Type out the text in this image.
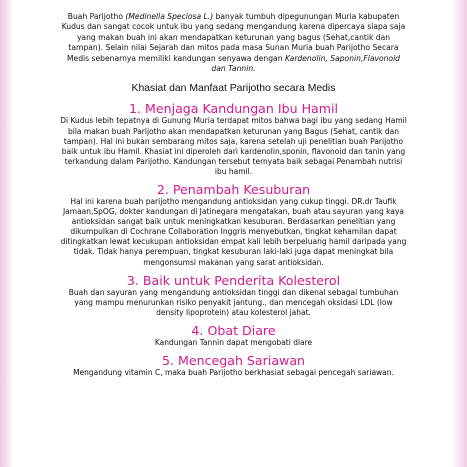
Buah Parijotho (Medinella Speciosa L.) banyak tumbuh dipegunungan Muria kabupaten Kudus dan sangat cocok untuk ibu yang sedang mengandung karena dipercaya siapa saja yang makan buah ini akan mendapatkan keturunan yang bagus (Sehat,cantik dan tampan). Selain nilai Sejarah dan mitos pada masa Sunan Muria buah Parijotho Secara Medis sebenarnya memiliki kandungan senyawa dengan Kardenolin, Saponin,Flavonoid dan Tannin.

Khasiat dan Manfaat Parijotho secara Medis
1. Menjaga Kandungan Ibu Hamil

Di Kudus lebih tepatnya di Gunung Muria terdapat mitos bahwa bagi ibu yang sedang Hamil bila makan buah Parijotho akan mendapatkan keturunan yang Bagus (Sehat, cantik dan tampan). Hal ini bukan sembarang mitos saja, karena setelah uji penelitian buah Parijotho baik untuk ibu Hamil. Khasiat ini diperoleh dari kardenolin,sponin, flavonoid dan tanin yang terkandung dalam Parijotho. Kandungan tersebut ternyata baik sebagai Penambah nutrisi ibu hamil.

2. Penambah Kesuburan

Hal ini karena buah parijotho mengandung antioksidan yang cukup tinggi. DR.dr Taufik Jamaan,SpOG, dokter kandungan di Jatinegara mengatakan, buah atau sayuran yang kaya antioksidan sangat baik untuk meningkatkan kesuburan. Berdasarkan penelitian yang dikumpulkan di Cochrane Collaboration Inggris menyebutkan, tingkat kehamilan dapat ditingkatkan lewat kecukupan antioksidan empat kali lebih berpeluang hamil daripada yang tidak. Tidak hanya perempuan, tingkat kesuburan laki-laki juga dapat meningkat bila mengonsumsi makanan yang sarat antioksidan.

3. Baik untuk Penderita Kolesterol

Buah dan sayuran yang mengandung antioksidan tinggi dan dikenal sebagai tumbuhan yang mampu menurunkan risiko penyakit jantung., dan mencegah oksidasi LDL (low density lipoprotein) atau kolesterol jahat.

4. Obat Diare

Kandungan Tannin dapat mengobati diare

5. Mencegah Sariawan

Mengandung vitamin C, maka buah Parijotho berkhasiat sebagai pencegah sariawan.
